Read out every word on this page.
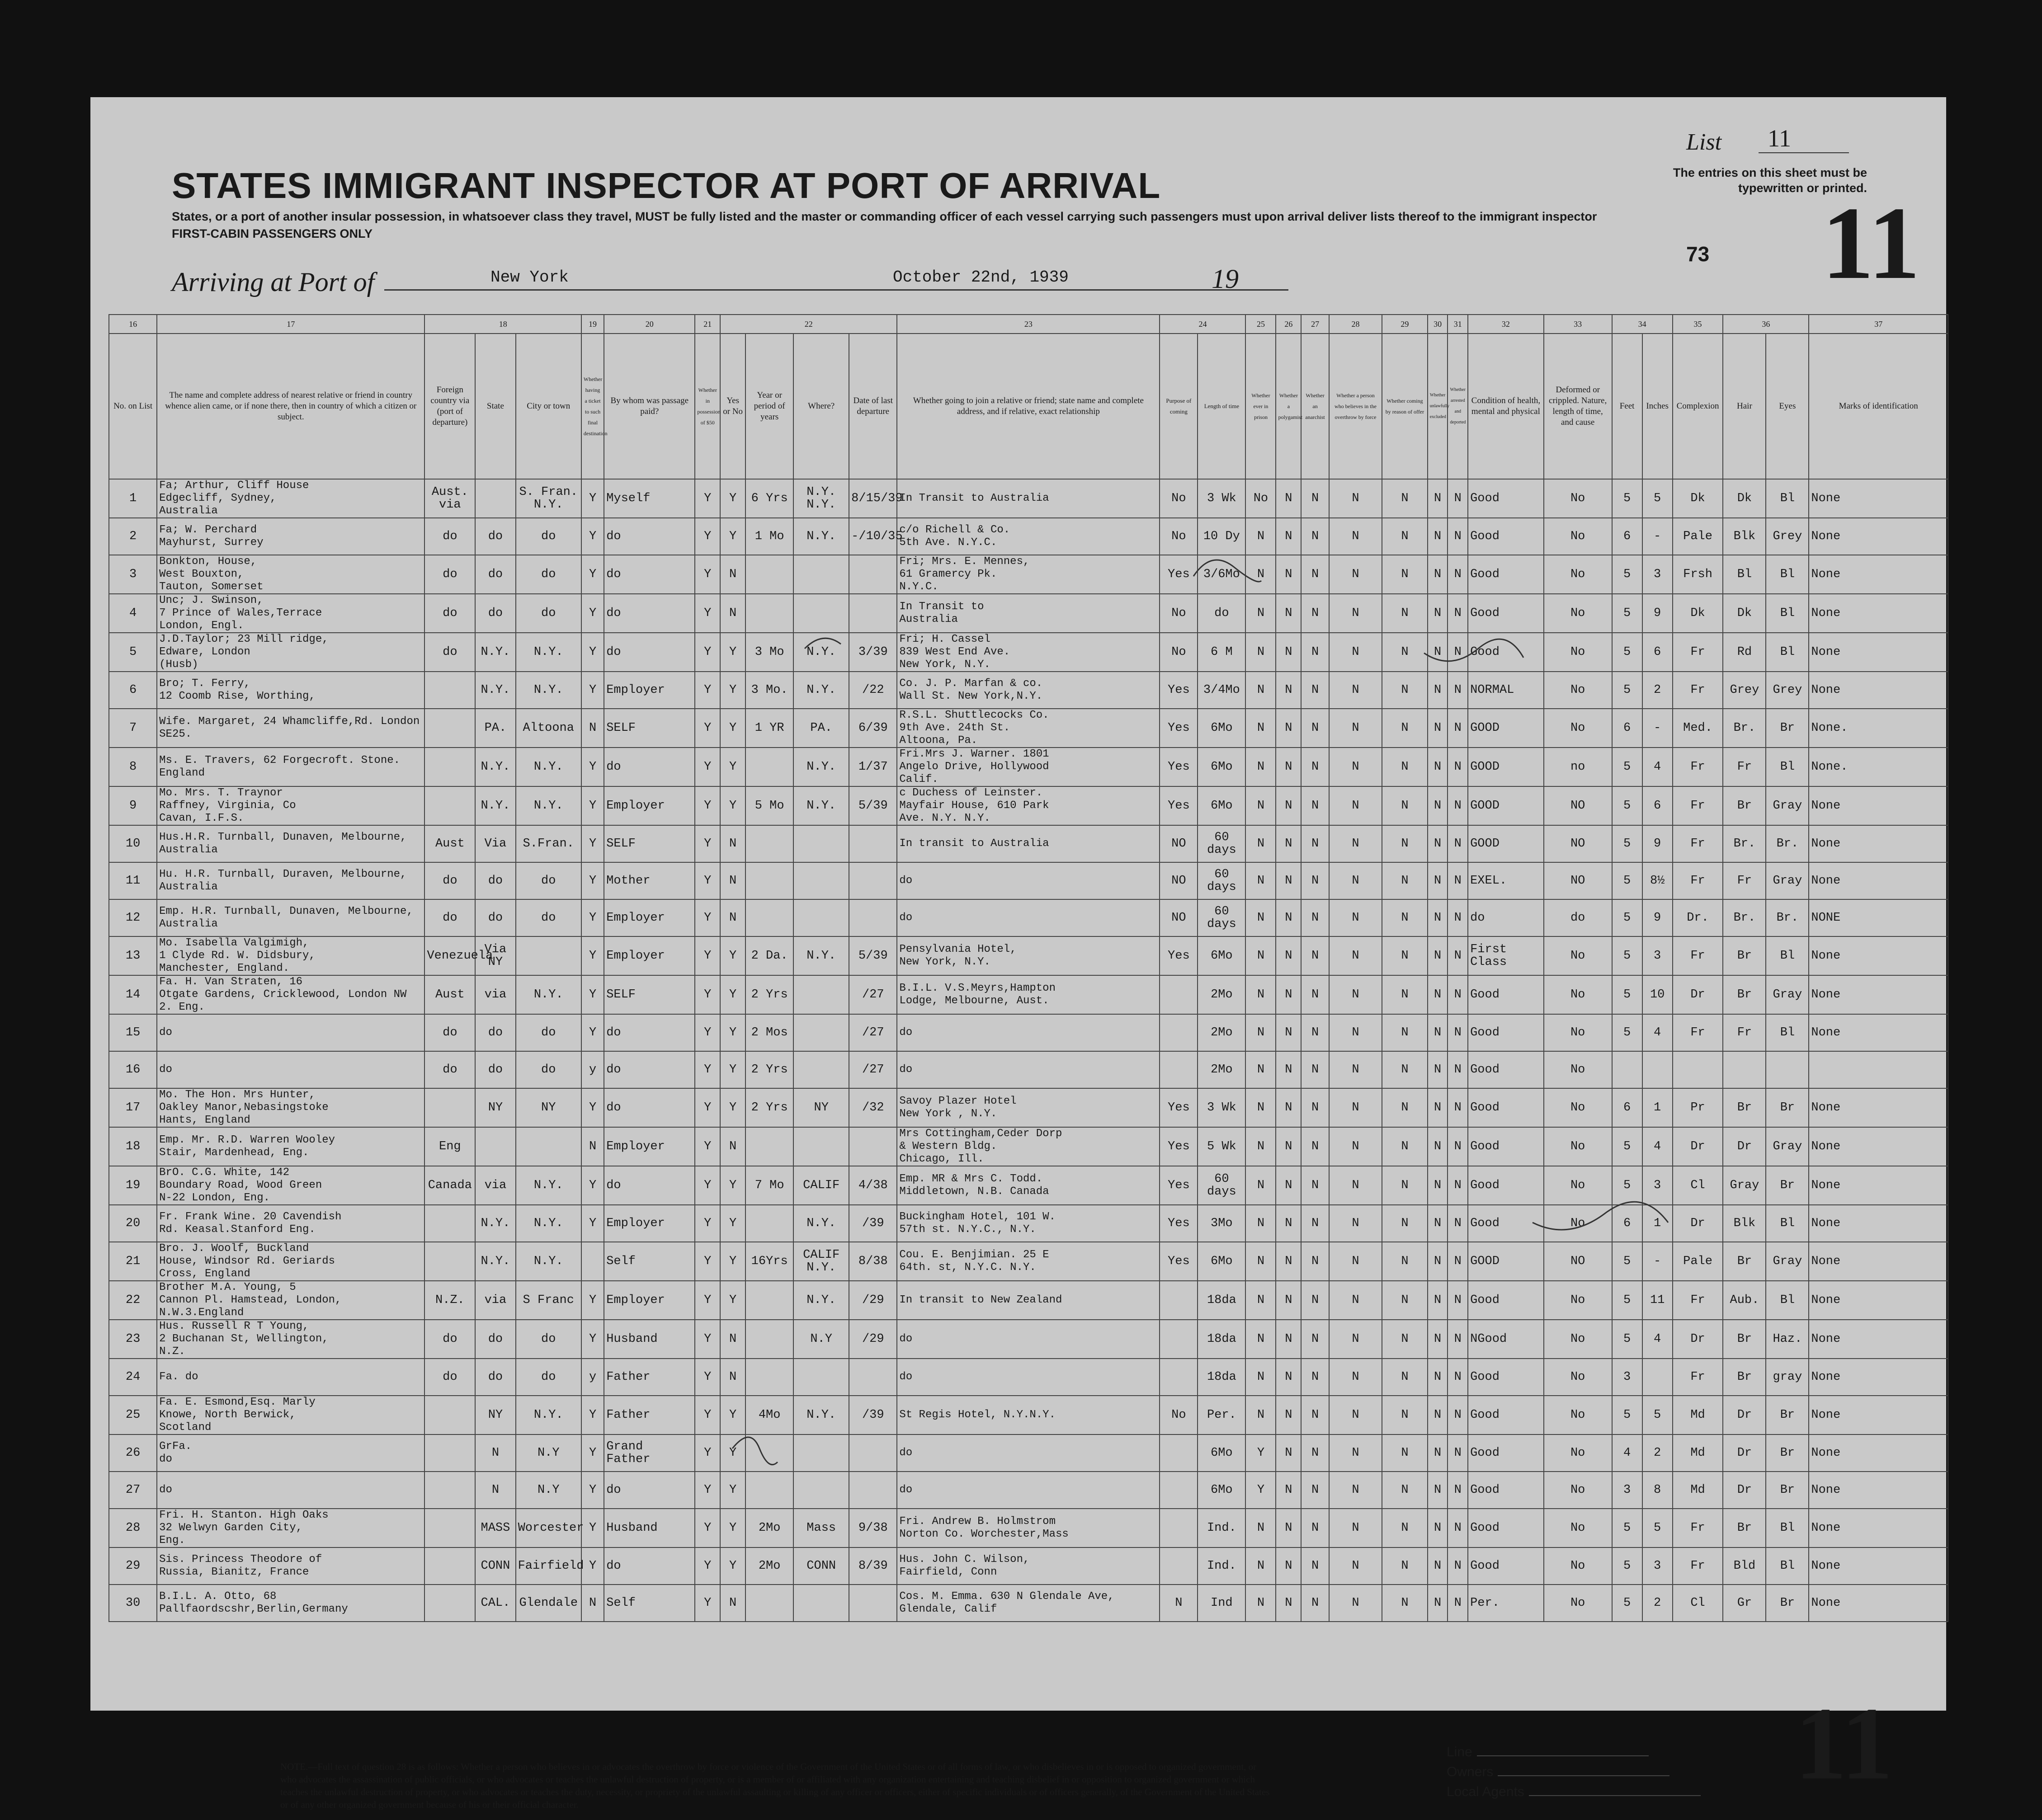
List	11
STATES IMMIGRANT INSPECTOR AT PORT OF ARRIVAL	The entries on this sheet must be typewritten or printed.
States, or a port of another insular possession, in whatsoever class they travel, MUST be fully listed and the master or commanding officer of each vessel carrying such passengers must upon arrival deliver lists thereof to the immigrant inspector
FIRST-CABIN PASSENGERS ONLY
73 11
Arriving at Port of	New York	October 22nd, 1939	19
16	17	18			19	20	21	22				23	24		25	26	27	28	29	30	31	32	33	34		35	36		37
No. on List	The name and complete address of nearest relative or friend in country whence alien came, or if none there, then in country of which a citizen or subject.	Foreign country via (port of departure)	State	City or town	Whether having a ticket to such final destination	By whom was passage paid?	Whether in possession of $50	Yes or No	Year or period of years	Where?	Date of last departure	Whether going to join a relative or friend; state name and complete address, and if relative, exact relationship	Purpose of coming	Length of time	Whether ever in prison	Whether a polygamist	Whether an anarchist	Whether a person who believes in the overthrow by force	Whether coming by reason of offer	Whether unlawfully excluded	Whether arrested and deported	Condition of health, mental and physical	Deformed or crippled. Nature, length of time, and cause	Feet	Inches	Complexion	Hair	Eyes	Marks of identification
1	Fa; Arthur, Cliff House
Edgecliff, Sydney,
Australia	Aust. via		S. Fran.
N.Y.	Y	Myself	Y	Y	6 Yrs	N.Y.
N.Y.	8/15/39	In Transit to Australia	No	3 Wk	No	N	N	N	N	N	N	Good	No	5	5	Dk	Dk	Bl	None
2	Fa; W. Perchard
Mayhurst, Surrey	do	do	do	Y	do	Y	Y	1 Mo	N.Y.	-/10/35	c/o Richell & Co.
5th Ave. N.Y.C.	No	10 Dy	N	N	N	N	N	N	N	Good	No	6	-	Pale	Blk	Grey	None
3	Bonkton, House,
West Bouxton,
Tauton, Somerset	do	do	do	Y	do	Y	N				Fri; Mrs. E. Mennes,
61 Gramercy Pk.
N.Y.C.	Yes	3/6Mo	N	N	N	N	N	N	N	Good	No	5	3	Frsh	Bl	Bl	None
4	Unc; J. Swinson,
7 Prince of Wales,Terrace
London, Engl.	do	do	do	Y	do	Y	N				In Transit to
Australia	No	do	N	N	N	N	N	N	N	Good	No	5	9	Dk	Dk	Bl	None
5	J.D.Taylor; 23 Mill ridge,
Edware, London
(Husb)	do	N.Y.	N.Y.	Y	do	Y	Y	3 Mo	N.Y.	3/39	Fri; H. Cassel
839 West End Ave.
New York, N.Y.	No	6 M	N	N	N	N	N	N	N	Good	No	5	6	Fr	Rd	Bl	None
6	Bro; T. Ferry,
12 Coomb Rise, Worthing,		N.Y.	N.Y.	Y	Employer	Y	Y	3 Mo.	N.Y.	/22	Co. J. P. Marfan & co.
Wall St. New York,N.Y.	Yes	3/4Mo	N	N	N	N	N	N	N	NORMAL	No	5	2	Fr	Grey	Grey	None
7	Wife. Margaret, 24 Whamcliffe,Rd. London SE25.		PA.	Altoona	N	SELF	Y	Y	1 YR	PA.	6/39	R.S.L. Shuttlecocks Co.
9th Ave. 24th St.
Altoona, Pa.	Yes	6Mo	N	N	N	N	N	N	N	GOOD	No	6	-	Med.	Br.	Br	None.
8	Ms. E. Travers, 62 Forgecroft. Stone. England		N.Y.	N.Y.	Y	do	Y	Y		N.Y.	1/37	Fri.Mrs J. Warner. 1801
Angelo Drive, Hollywood
Calif.	Yes	6Mo	N	N	N	N	N	N	N	GOOD	no	5	4	Fr	Fr	Bl	None.
9	Mo. Mrs. T. Traynor
Raffney, Virginia, Co
Cavan, I.F.S.		N.Y.	N.Y.	Y	Employer	Y	Y	5 Mo	N.Y.	5/39	c Duchess of Leinster.
Mayfair House, 610 Park
Ave. N.Y. N.Y.	Yes	6Mo	N	N	N	N	N	N	N	GOOD	NO	5	6	Fr	Br	Gray	None
10	Hus.H.R. Turnball, Dunaven, Melbourne, Australia	Aust	Via	S.Fran.	Y	SELF	Y	N				In transit to Australia	NO	60 days	N	N	N	N	N	N	N	GOOD	NO	5	9	Fr	Br.	Br.	None
11	Hu. H.R. Turnball, Duraven, Melbourne, Australia	do	do	do	Y	Mother	Y	N				do	NO	60 days	N	N	N	N	N	N	N	EXEL.	NO	5	8½	Fr	Fr	Gray	None
12	Emp. H.R. Turnball, Dunaven, Melbourne, Australia	do	do	do	Y	Employer	Y	N				do	NO	60 days	N	N	N	N	N	N	N	do	do	5	9	Dr.	Br.	Br.	NONE
13	Mo. Isabella Valgimigh,
1 Clyde Rd. W. Didsbury,
Manchester, England.	Venezuela	Via NY		Y	Employer	Y	Y	2 Da.	N.Y.	5/39	Pensylvania Hotel,
New York, N.Y.	Yes	6Mo	N	N	N	N	N	N	N	First
Class	No	5	3	Fr	Br	Bl	None
14	Fa. H. Van Straten, 16
Otgate Gardens, Cricklewood, London NW 2. Eng.	Aust	via	N.Y.	Y	SELF	Y	Y	2 Yrs		/27	B.I.L. V.S.Meyrs,Hampton
Lodge, Melbourne, Aust.		2Mo	N	N	N	N	N	N	N	Good	No	5	10	Dr	Br	Gray	None
15	do	do	do	do	Y	do	Y	Y	2 Mos		/27	do		2Mo	N	N	N	N	N	N	N	Good	No	5	4	Fr	Fr	Bl	None
16	do	do	do	do	y	do	Y	Y	2 Yrs		/27	do		2Mo	N	N	N	N	N	N	N	Good	No						
17	Mo. The Hon. Mrs Hunter,
Oakley Manor,Nebasingstoke
Hants, England		NY	NY	Y	do	Y	Y	2 Yrs	NY	/32	Savoy Plazer Hotel
New York , N.Y.	Yes	3 Wk	N	N	N	N	N	N	N	Good	No	6	1	Pr	Br	Br	None
18	Emp. Mr. R.D. Warren Wooley
Stair, Mardenhead, Eng.	Eng			N	Employer	Y	N				Mrs Cottingham,Ceder Dorp
& Western Bldg.
Chicago, Ill.	Yes	5 Wk	N	N	N	N	N	N	N	Good	No	5	4	Dr	Dr	Gray	None
19	BrO. C.G. White, 142
Boundary Road, Wood Green
N-22 London, Eng.	Canada	via	N.Y.	Y	do	Y	Y	7 Mo	CALIF	4/38	Emp. MR & Mrs C. Todd.
Middletown, N.B. Canada	Yes	60 days	N	N	N	N	N	N	N	Good	No	5	3	Cl	Gray	Br	None
20	Fr. Frank Wine. 20 Cavendish
Rd. Keasal.Stanford Eng.		N.Y.	N.Y.	Y	Employer	Y	Y		N.Y.	/39	Buckingham Hotel, 101 W.
57th st. N.Y.C., N.Y.	Yes	3Mo	N	N	N	N	N	N	N	Good	No	6	1	Dr	Blk	Bl	None
21	Bro. J. Woolf, Buckland
House, Windsor Rd. Geriards
Cross, England		N.Y.	N.Y.		Self	Y	Y	16Yrs	CALIF
N.Y.	8/38	Cou. E. Benjimian. 25 E
64th. st, N.Y.C. N.Y.	Yes	6Mo	N	N	N	N	N	N	N	GOOD	NO	5	-	Pale	Br	Gray	None
22	Brother M.A. Young, 5
Cannon Pl. Hamstead, London, N.W.3.England	N.Z.	via	S Franc	Y	Employer	Y	Y		N.Y.	/29	In transit to New Zealand		18da	N	N	N	N	N	N	N	Good	No	5	11	Fr	Aub.	Bl	None
23	Hus. Russell R T Young,
2 Buchanan St, Wellington,
N.Z.	do	do	do	Y	Husband	Y	N		N.Y	/29	do		18da	N	N	N	N	N	N	N	NGood	No	5	4	Dr	Br	Haz.	None
24	Fa. do	do	do	do	y	Father	Y	N				do		18da	N	N	N	N	N	N	N	Good	No	3		Fr	Br	gray	None
25	Fa. E. Esmond,Esq. Marly
Knowe, North Berwick,
Scotland		NY	N.Y.	Y	Father	Y	Y	4Mo	N.Y.	/39	St Regis Hotel, N.Y.N.Y.	No	Per.	N	N	N	N	N	N	N	Good	No	5	5	Md	Dr	Br	None
26	GrFa.
do		N	N.Y	Y	Grand
Father	Y	Y				do		6Mo	Y	N	N	N	N	N	N	Good	No	4	2	Md	Dr	Br	None
27	do		N	N.Y	Y	do	Y	Y				do		6Mo	Y	N	N	N	N	N	N	Good	No	3	8	Md	Dr	Br	None
28	Fri. H. Stanton. High Oaks
32 Welwyn Garden City,
Eng.		MASS	Worcester	Y	Husband	Y	Y	2Mo	Mass	9/38	Fri. Andrew B. Holmstrom
Norton Co. Worchester,Mass		Ind.	N	N	N	N	N	N	N	Good	No	5	5	Fr	Br	Bl	None
29	Sis. Princess Theodore of
Russia, Bianitz, France		CONN	Fairfield	Y	do	Y	Y	2Mo	CONN	8/39	Hus. John C. Wilson,
Fairfield, Conn		Ind.	N	N	N	N	N	N	N	Good	No	5	3	Fr	Bld	Bl	None
30	B.I.L. A. Otto, 68 Pallfaordscshr,Berlin,Germany		CAL.	Glendale	N	Self	Y	N				Cos. M. Emma. 630 N Glendale Ave, Glendale, Calif	N	Ind	N	N	N	N	N	N	N	Per.	No	5	2	Cl	Gr	Br	None
NOTE.—Full text of question 28 is as follows: Whether a person who believes in or advocates the overthrow by force or violence of the Government of the United States or of all forms of law, or who disbelieves in or is opposed to organized government, or who advocates the assassination of public officials, or who advocates or teaches the unlawful destruction of property, or is a member of or affiliated with any organization entertaining and teaching disbelief in or opposition to organized government or which teaches the unlawful destruction of property, or who advocates or teaches the duty, necessity, or propriety of the unlawful assaulting or killing of any officer or officers, either of specific individuals or of officers generally, of the Government of the United States or of any other organized government because of his or their official character.
Line
Owners
Local Agents	11
